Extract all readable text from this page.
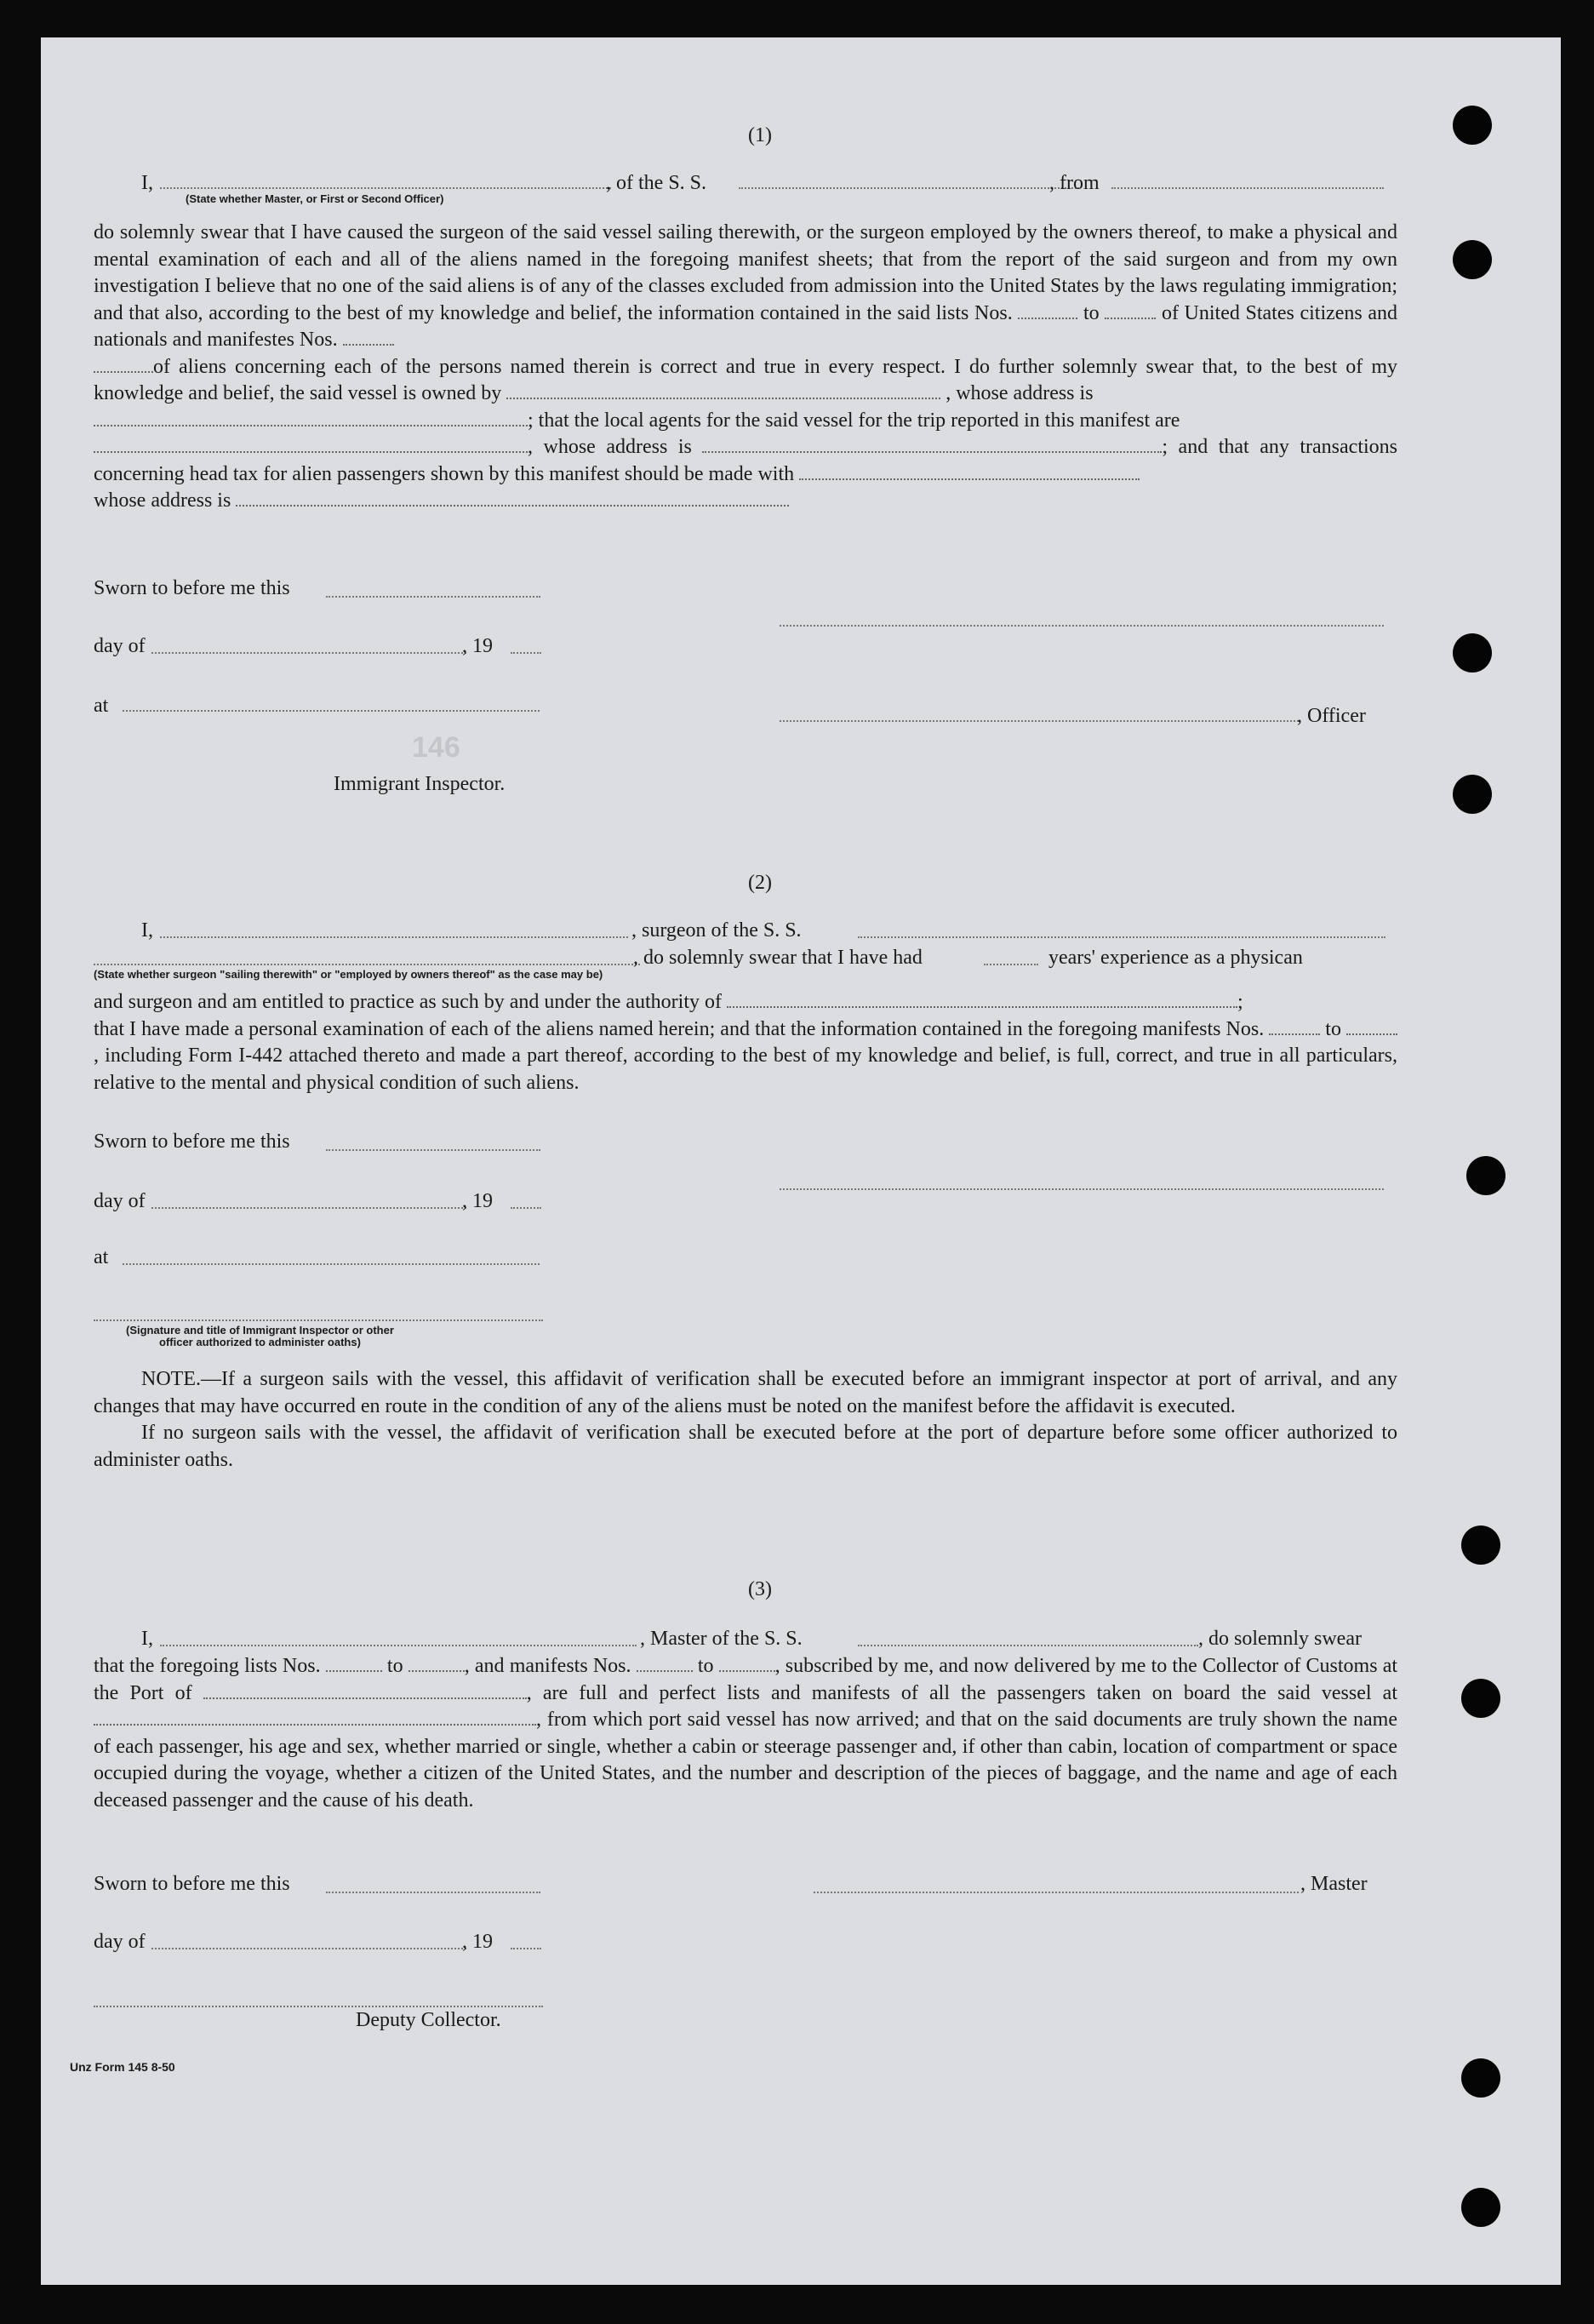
(1)
I,	, of the S. S.	, from
(State whether Master, or First or Second Officer)

do solemnly swear that I have caused the surgeon of the said vessel sailing therewith, or the surgeon employed by the owners thereof, to make a physical and mental examination of each and all of the aliens named in the foregoing manifest sheets; that from the report of the said surgeon and from my own investigation I believe that no one of the said aliens is of any of the classes excluded from admission into the United States by the laws regulating immigration; and that also, according to the best of my knowledge and belief, the information contained in the said lists Nos.	to	of United States citizens and nationals and manifestes Nos.
of aliens concerning each of the persons named therein is correct and true in every respect. I do further solemnly swear that, to the best of my knowledge and belief, the said vessel is owned by	, whose address is
; that the local agents for the said vessel for the trip reported in this manifest are
, whose address is	; and that any transactions concerning head tax for alien passengers shown by this manifest should be made with
whose address is

Sworn to before me this
day of	, 19
at	, Officer
146
Immigrant Inspector.
(2)
I,	, surgeon of the S. S.
, do solemnly swear that I have had	years' experience as a physican
(State whether surgeon "sailing therewith" or "employed by owners thereof" as the case may be)

and surgeon and am entitled to practice as such by and under the authority of	;
that I have made a personal examination of each of the aliens named herein; and that the information contained in the foregoing manifests Nos.	to , including Form I-442 attached thereto and made a part thereof, according to the best of my knowledge and belief, is full, correct, and true in all particulars, relative to the mental and physical condition of such aliens.

Sworn to before me this
day of	, 19
at
(Signature and title of Immigrant Inspector or other
officer authorized to administer oaths)

NOTE.—If a surgeon sails with the vessel, this affidavit of verification shall be executed before an immigrant inspector at port of arrival, and any changes that may have occurred en route in the condition of any of the aliens must be noted on the manifest before the affidavit is executed.

If no surgeon sails with the vessel, the affidavit of verification shall be executed before at the port of departure before some officer authorized to administer oaths.

(3)
I,	, Master of the S. S.	, do solemnly swear

that the foregoing lists Nos.	to	, and manifests Nos.	to	, subscribed by me, and now delivered by me to the Collector of Customs at the Port of	, are full and perfect lists and manifests of all the passengers taken on board the said vessel at , from which port said vessel has now arrived; and that on the said documents are truly shown the name of each passenger, his age and sex, whether married or single, whether a cabin or steerage passenger and, if other than cabin, location of compartment or space occupied during the voyage, whether a citizen of the United States, and the number and description of the pieces of baggage, and the name and age of each deceased passenger and the cause of his death.

Sworn to before me this	, Master
day of	, 19
Deputy Collector.
Unz Form 145 8-50
